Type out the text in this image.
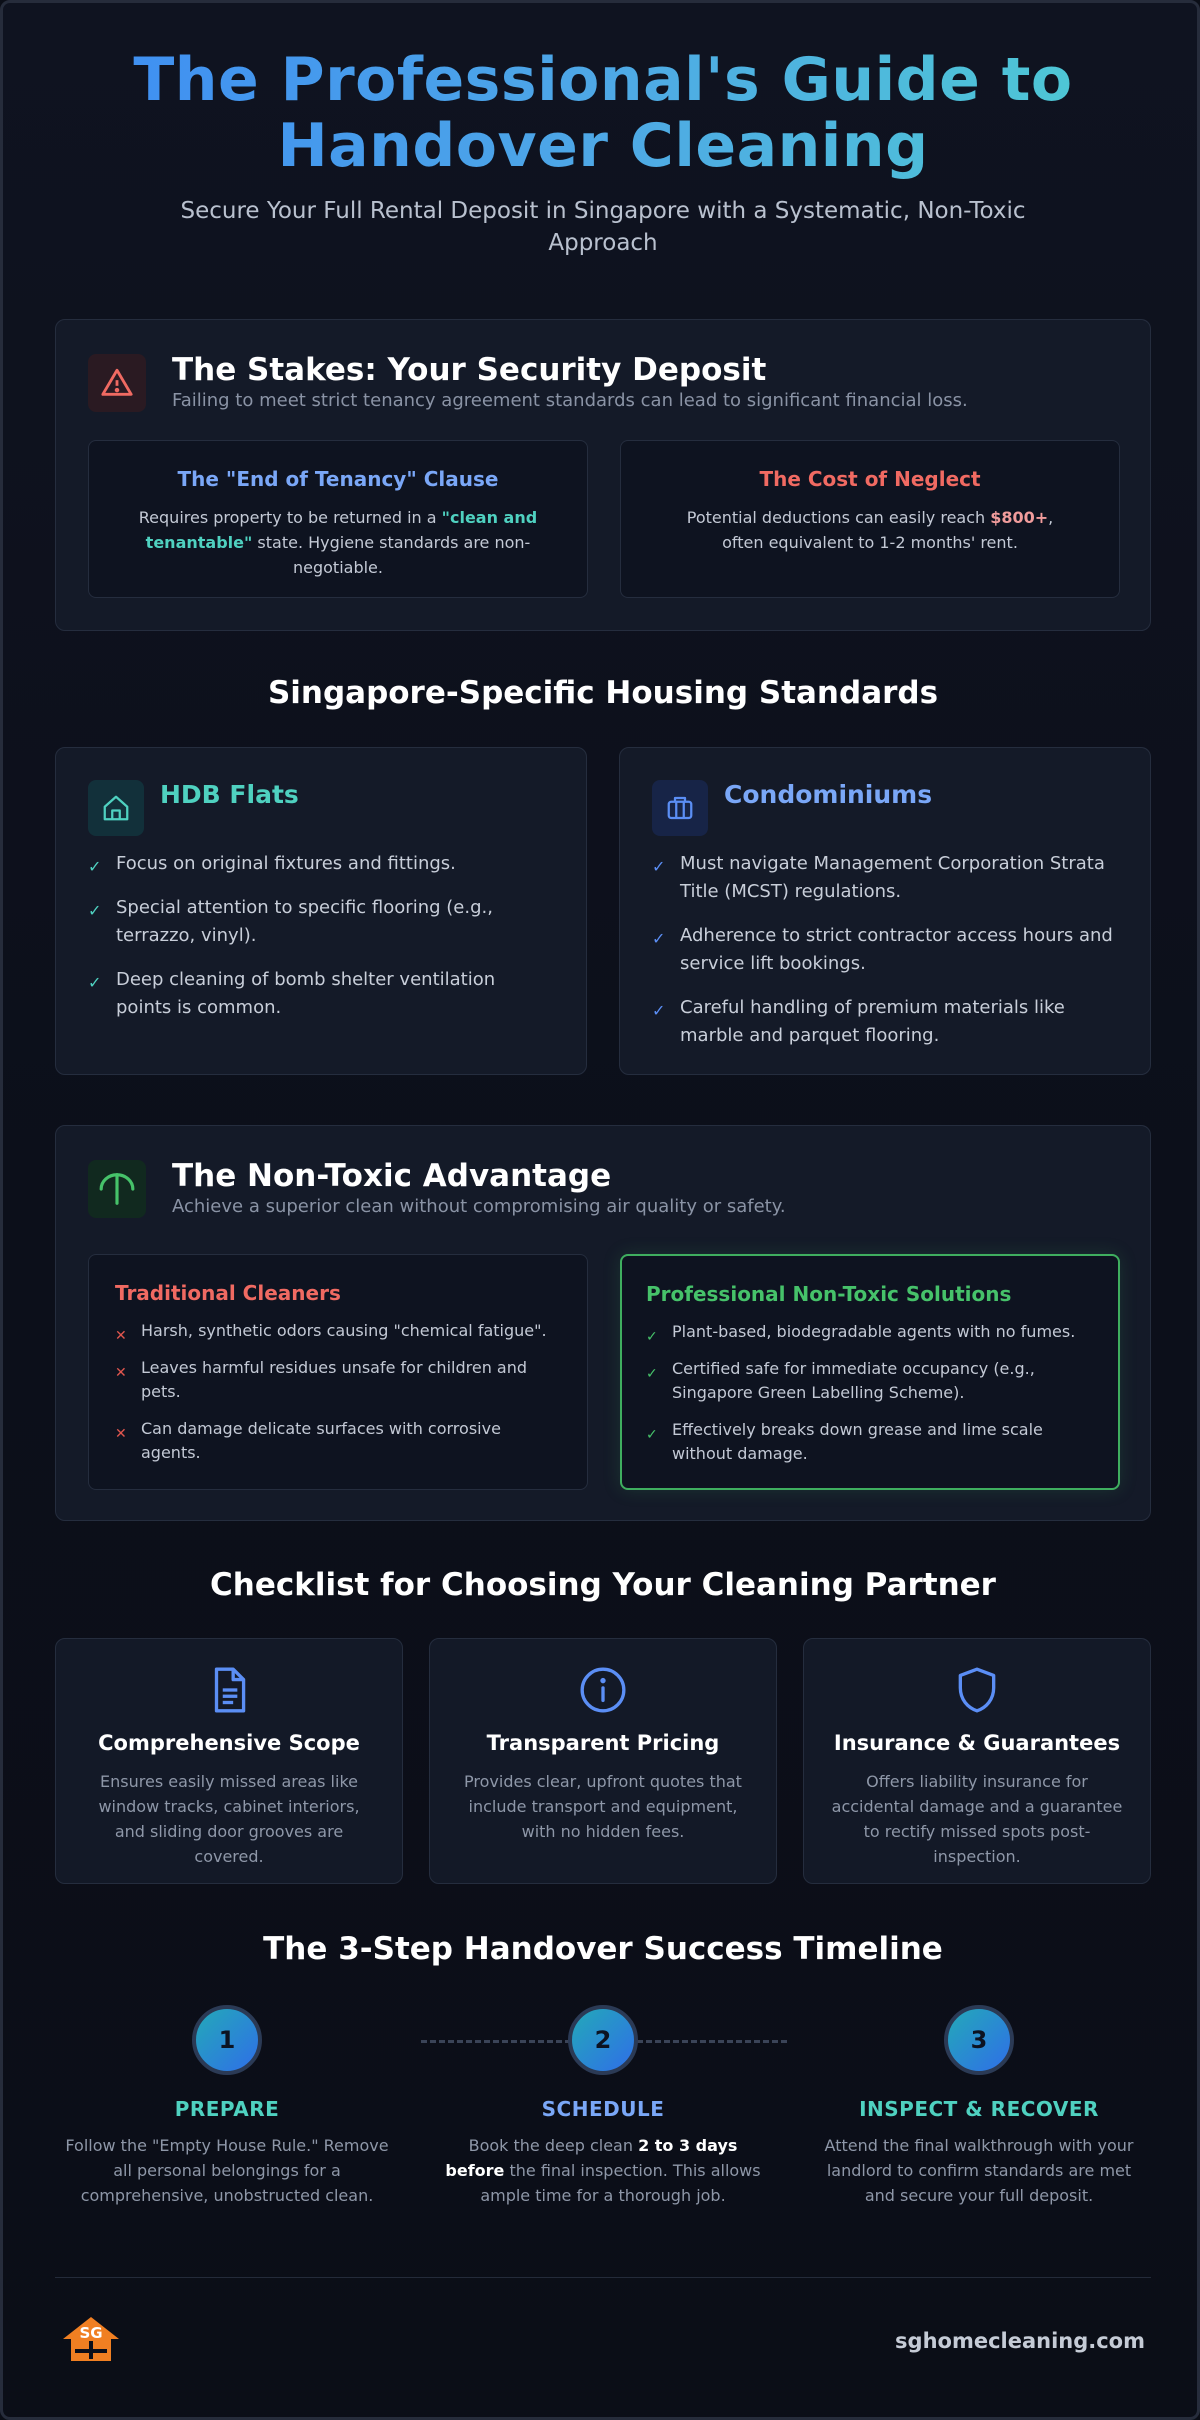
The Professional's Guide to Handover Cleaning

Secure Your Full Rental Deposit in Singapore with a Systematic, Non-Toxic Approach

The Stakes: Your Security Deposit
Failing to meet strict tenancy agreement standards can lead to significant financial loss.
The "End of Tenancy" Clause
Requires property to be returned in a "clean and tenantable" state. Hygiene standards are non-negotiable.
The Cost of Neglect
Potential deductions can easily reach $800+, often equivalent to 1-2 months' rent.
Singapore-Specific Housing Standards
HDB Flats
✓ Focus on original fixtures and fittings.
✓ Special attention to specific flooring (e.g., terrazzo, vinyl).
✓ Deep cleaning of bomb shelter ventilation points is common.
Condominiums
✓ Must navigate Management Corporation Strata Title (MCST) regulations.
✓ Adherence to strict contractor access hours and service lift bookings.
✓ Careful handling of premium materials like marble and parquet flooring.
The Non-Toxic Advantage
Achieve a superior clean without compromising air quality or safety.
Traditional Cleaners
✕ Harsh, synthetic odors causing "chemical fatigue".
✕ Leaves harmful residues unsafe for children and pets.
✕ Can damage delicate surfaces with corrosive agents.
Professional Non-Toxic Solutions
✓ Plant-based, biodegradable agents with no fumes.
✓ Certified safe for immediate occupancy (e.g., Singapore Green Labelling Scheme).
✓ Effectively breaks down grease and lime scale without damage.
Checklist for Choosing Your Cleaning Partner
Comprehensive Scope
Ensures easily missed areas like window tracks, cabinet interiors, and sliding door grooves are covered.
Transparent Pricing
Provides clear, upfront quotes that include transport and equipment, with no hidden fees.
Insurance & Guarantees
Offers liability insurance for accidental damage and a guarantee to rectify missed spots post-inspection.
The 3-Step Handover Success Timeline
1
PREPARE
Follow the "Empty House Rule." Remove all personal belongings for a comprehensive, unobstructed clean.
2
SCHEDULE
Book the deep clean 2 to 3 days before the final inspection. This allows ample time for a thorough job.
3
INSPECT & RECOVER
Attend the final walkthrough with your landlord to confirm standards are met and secure your full deposit.
SG	sghomecleaning.com
